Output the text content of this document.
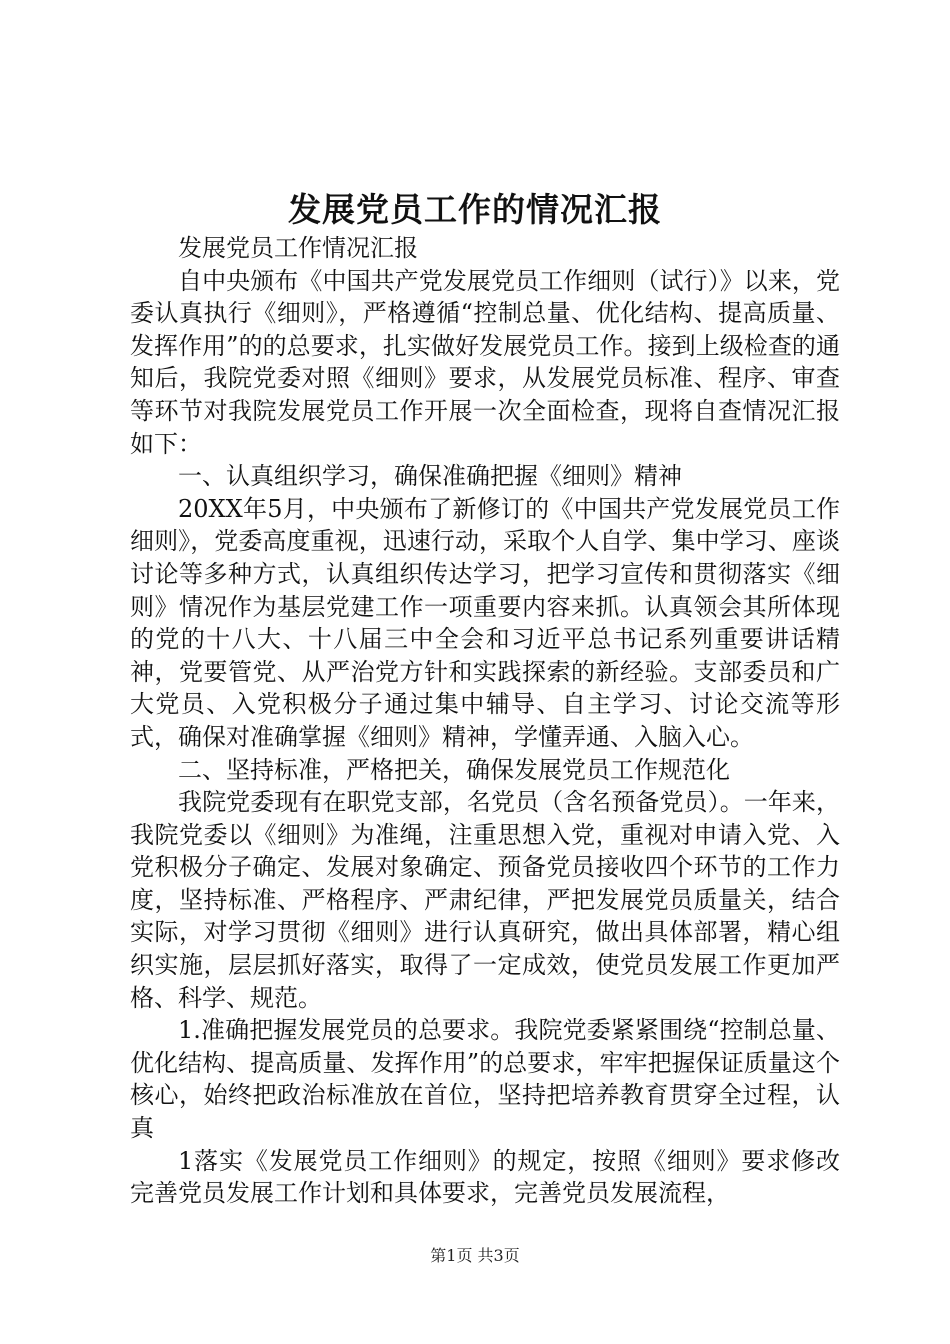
发展党员工作的情况汇报

发展党员工作情况汇报

自中央颁布《中国共产党发展党员工作细则（试行）》以来，党委认真执行《细则》，严格遵循“控制总量、优化结构、提高质量、发挥作用”的的总要求，扎实做好发展党员工作。接到上级检查的通知后，我院党委对照《细则》要求，从发展党员标准、程序、审查等环节对我院发展党员工作开展一次全面检查，现将自查情况汇报如下：

一、认真组织学习，确保准确把握《细则》精神

20XX年5月，中央颁布了新修订的《中国共产党发展党员工作细则》，党委高度重视，迅速行动，采取个人自学、集中学习、座谈讨论等多种方式，认真组织传达学习，把学习宣传和贯彻落实《细则》情况作为基层党建工作一项重要内容来抓。认真领会其所体现的党的十八大、十八届三中全会和习近平总书记系列重要讲话精神，党要管党、从严治党方针和实践探索的新经验。支部委员和广大党员、入党积极分子通过集中辅导、自主学习、讨论交流等形式，确保对准确掌握《细则》精神，学懂弄通、入脑入心。

二、坚持标准，严格把关，确保发展党员工作规范化

我院党委现有在职党支部，名党员（含名预备党员）。一年来，我院党委以《细则》为准绳，注重思想入党，重视对申请入党、入党积极分子确定、发展对象确定、预备党员接收四个环节的工作力度，坚持标准、严格程序、严肃纪律，严把发展党员质量关，结合实际，对学习贯彻《细则》进行认真研究，做出具体部署，精心组织实施，层层抓好落实，取得了一定成效，使党员发展工作更加严格、科学、规范。

1.准确把握发展党员的总要求。我院党委紧紧围绕“控制总量、优化结构、提高质量、发挥作用”的总要求，牢牢把握保证质量这个核心，始终把政治标准放在首位，坚持把培养教育贯穿全过程，认真

1落实《发展党员工作细则》的规定，按照《细则》要求修改完善党员发展工作计划和具体要求，完善党员发展流程，

第1页 共3页
